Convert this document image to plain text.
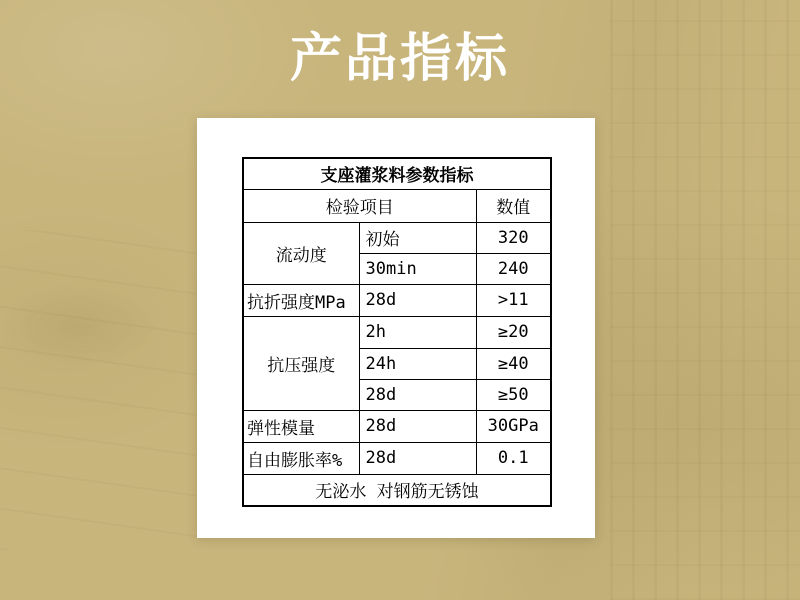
产品指标
支座灌浆料参数指标		
检验项目		数值
流动度	初始	320
	30min	240
抗折强度MPa	28d	>11
抗压强度	2h	≥20
	24h	≥40
	28d	≥50
弹性模量	28d	30GPa
自由膨胀率%	28d	0.1
无泌水 对钢筋无锈蚀		
